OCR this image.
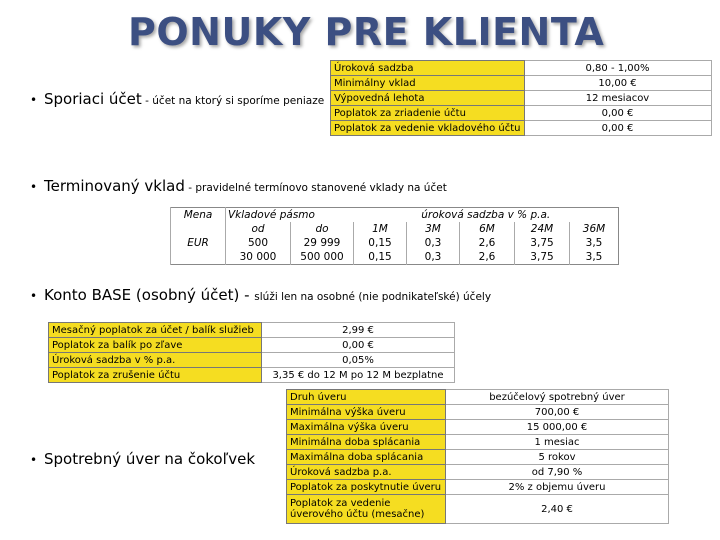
PONUKY PRE KLIENTA
• Sporiaci účet - účet na ktorý si sporíme peniaze
Úroková sadzba	0,80 - 1,00%
Minimálny vklad	10,00 €
Výpovedná lehota	12 mesiacov
Poplatok za zriadenie účtu	0,00 €
Poplatok za vedenie vkladového účtu	0,00 €
• Terminovaný vklad - pravidelné termínovo stanovené vklady na účet
Mena	Vkladové pásmo		úroková sadzba v % p.a.				
	od	do	1M	3M	6M	24M	36M
EUR	500	29 999	0,15	0,3	2,6	3,75	3,5
	30 000	500 000	0,15	0,3	2,6	3,75	3,5
• Konto BASE (osobný účet) - slúži len na osobné (nie podnikateľské) účely
Mesačný poplatok za účet / balík služieb	2,99 €
Poplatok za balík po zľave	0,00 €
Úroková sadzba v % p.a.	0,05%
Poplatok za zrušenie účtu	3,35 € do 12 M po 12 M bezplatne
• Spotrebný úver na čokoľvek
Druh úveru	bezúčelový spotrebný úver
Minimálna výška úveru	700,00 €
Maximálna výška úveru	15 000,00 €
Minimálna doba splácania	1 mesiac
Maximálna doba splácania	5 rokov
Úroková sadzba p.a.	od 7,90 %
Poplatok za poskytnutie úveru	2% z objemu úveru
Poplatok za vedenie úverového účtu (mesačne)	2,40 €
